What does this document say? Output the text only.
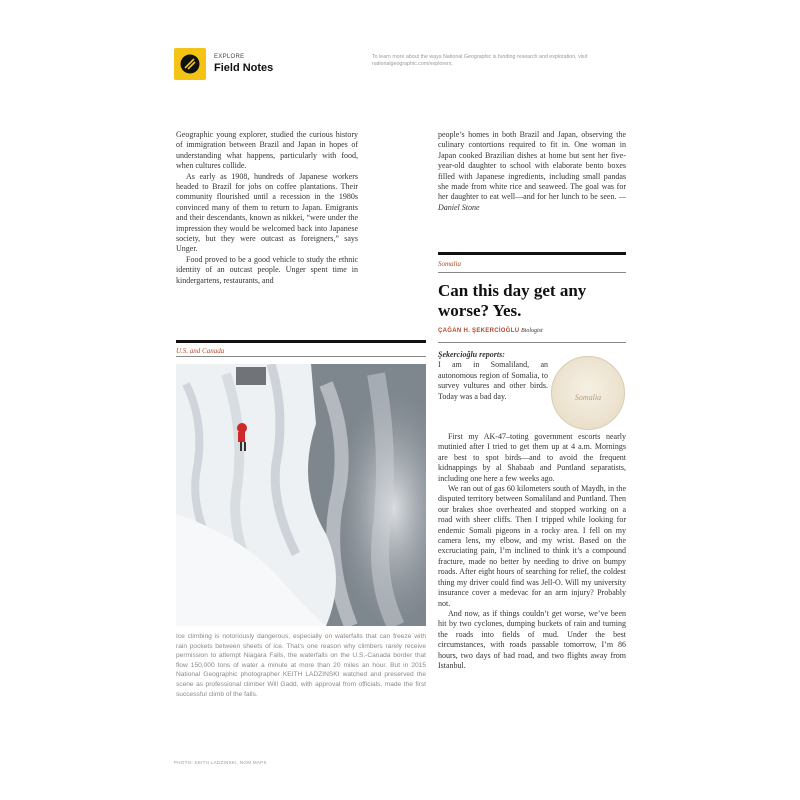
EXPLORE
Field Notes
To learn more about the ways National Geographic is funding research and exploration, visit nationalgeographic.com/explorers.

Geographic young explorer, studied the curious history of immigration between Brazil and Japan in hopes of understanding what happens, particularly with food, when cultures collide.

As early as 1908, hundreds of Japanese workers headed to Brazil for jobs on coffee plantations. Their community flourished until a recession in the 1980s convinced many of them to return to Japan. Emigrants and their descendants, known as nikkei, “were under the impression they would be welcomed back into Japanese society, but they were outcast as foreigners,” says Unger.

Food proved to be a good vehicle to study the ethnic identity of an outcast people. Unger spent time in kindergartens, restaurants, and

people’s homes in both Brazil and Japan, observing the culinary contortions required to fit in. One woman in Japan cooked Brazilian dishes at home but sent her five-year-old daughter to school with elaborate bento boxes filled with Japanese ingredients, including small pandas she made from white rice and seaweed. The goal was for her daughter to eat well—and for her lunch to be seen. —Daniel Stone

U.S. and Canada
Ice climbing is notoriously dangerous, especially on waterfalls that can freeze with rain pockets between sheets of ice. That’s one reason why climbers rarely receive permission to attempt Niagara Falls, the waterfalls on the U.S.-Canada border that flow 150,000 tons of water a minute at more than 20 miles an hour. But in 2015 National Geographic photographer KEITH LADZINSKI watched and preserved the scene as professional climber Will Gadd, with approval from officials, made the first successful climb of the falls.
Somalia
Can this day get any worse? Yes.
ÇAĞAN H. ŞEKERCİOĞLU Biologist
Somalia

Şekercioğlu reports:

I am in Somaliland, an autonomous region of Somalia, to survey vultures and other birds. Today was a bad day.

First my AK-47–toting government escorts nearly mutinied after I tried to get them up at 4 a.m. Mornings are best to spot birds—and to avoid the frequent kidnappings by al Shabaab and Puntland separatists, including one here a few weeks ago.

We ran out of gas 60 kilometers south of Maydh, in the disputed territory between Somaliland and Puntland. Then our brakes shoe overheated and stopped working on a road with sheer cliffs. Then I tripped while looking for endemic Somali pigeons in a rocky area. I fell on my camera lens, my elbow, and my wrist. Based on the excruciating pain, I’m inclined to think it’s a compound fracture, made no better by needing to drive on bumpy roads. After eight hours of searching for relief, the coldest thing my driver could find was Jell-O. Will my university insurance cover a medevac for an arm injury? Probably not.

And now, as if things couldn’t get worse, we’ve been hit by two cyclones, dumping buckets of rain and turning the roads into fields of mud. Under the best circumstances, with roads passable tomorrow, I’m 86 hours, two days of bad road, and two flights away from Istanbul.

PHOTO: KEITH LADZINSKI, NGM MAPS
